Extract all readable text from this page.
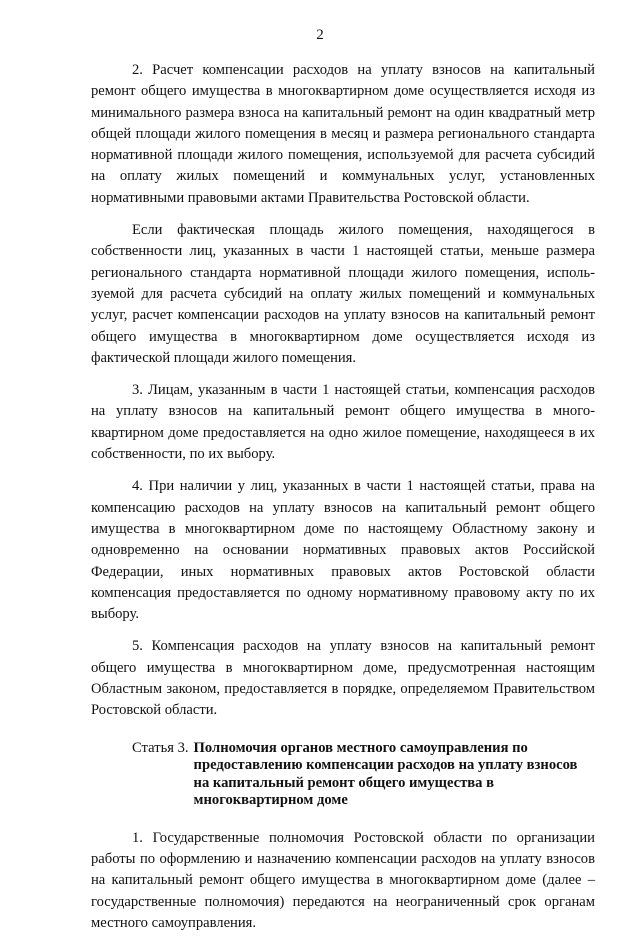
2

2. Расчет компенсации расходов на уплату взносов на капитальный ремонт общего имущества в многоквартирном доме осуществляется исходя из минимального размера взноса на капитальный ремонт на один квадратный метр общей площади жилого помещения в месяц и размера регионального стандарта нормативной площади жилого помещения, используемой для расчета субсидий на оплату жилых помещений и коммунальных услуг, установленных нормативными правовыми актами Правительства Ростовской области.

Если фактическая площадь жилого помещения, находящегося в собственности лиц, указанных в части 1 настоящей статьи, меньше размера регионального стандарта нормативной площади жилого помещения, используемой для расчета субсидий на оплату жилых помещений и коммунальных услуг, расчет компенсации расходов на уплату взносов на капитальный ремонт общего имущества в многоквартирном доме осуществляется исходя из фактической площади жилого помещения.

3. Лицам, указанным в части 1 настоящей статьи, компенсация расходов на уплату взносов на капитальный ремонт общего имущества в многоквартирном доме предоставляется на одно жилое помещение, находящееся в их собственности, по их выбору.

4. При наличии у лиц, указанных в части 1 настоящей статьи, права на компенсацию расходов на уплату взносов на капитальный ремонт общего имущества в многоквартирном доме по настоящему Областному закону и одновременно на основании нормативных правовых актов Российской Федерации, иных нормативных правовых актов Ростовской области компенсация предоставляется по одному нормативному правовому акту по их выбору.

5. Компенсация расходов на уплату взносов на капитальный ремонт общего имущества в многоквартирном доме, предусмотренная настоящим Областным законом, предоставляется в порядке, определяемом Правительством Ростовской области.

Статья 3. Полномочия органов местного самоуправления по
предоставлению компенсации расходов на уплату взносов
на капитальный ремонт общего имущества в
многоквартирном доме

1. Государственные полномочия Ростовской области по организации работы по оформлению и назначению компенсации расходов на уплату взносов на капитальный ремонт общего имущества в многоквартирном доме (далее – государственные полномочия) передаются на неограниченный срок органам местного самоуправления.
